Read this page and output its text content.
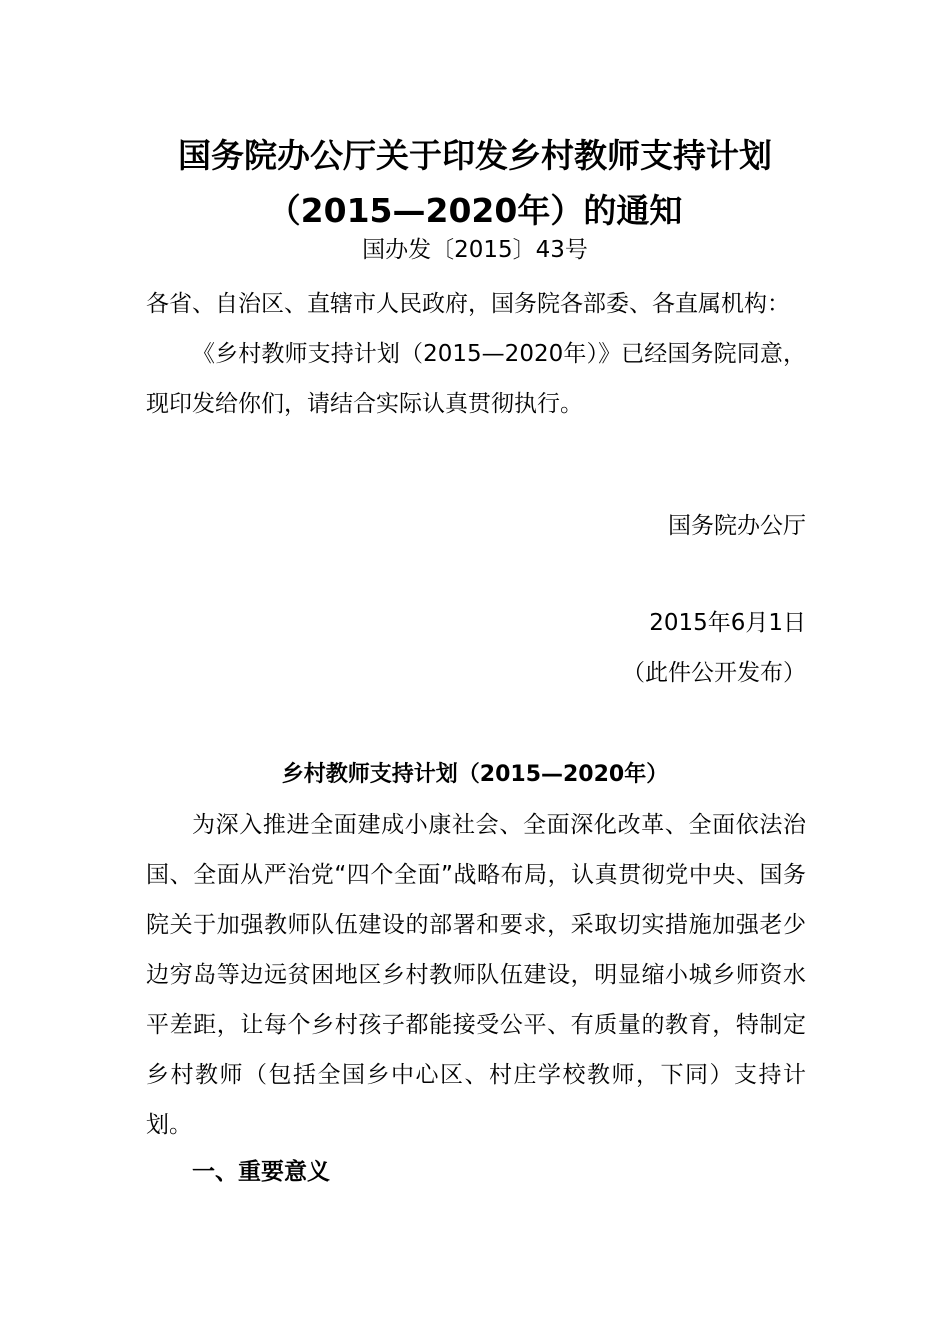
国务院办公厅关于印发乡村教师支持计划
（2015—2020年）的通知
国办发〔2015〕43号

各省、自治区、直辖市人民政府，国务院各部委、各直属机构：

《乡村教师支持计划（2015—2020年）》已经国务院同意，现印发给你们，请结合实际认真贯彻执行。

国务院办公厅

2015年6月1日

（此件公开发布）

乡村教师支持计划（2015—2020年）

为深入推进全面建成小康社会、全面深化改革、全面依法治国、全面从严治党“四个全面”战略布局，认真贯彻党中央、国务院关于加强教师队伍建设的部署和要求，采取切实措施加强老少边穷岛等边远贫困地区乡村教师队伍建设，明显缩小城乡师资水平差距，让每个乡村孩子都能接受公平、有质量的教育，特制定乡村教师（包括全国乡中心区、村庄学校教师，下同）支持计划。

一、重要意义
